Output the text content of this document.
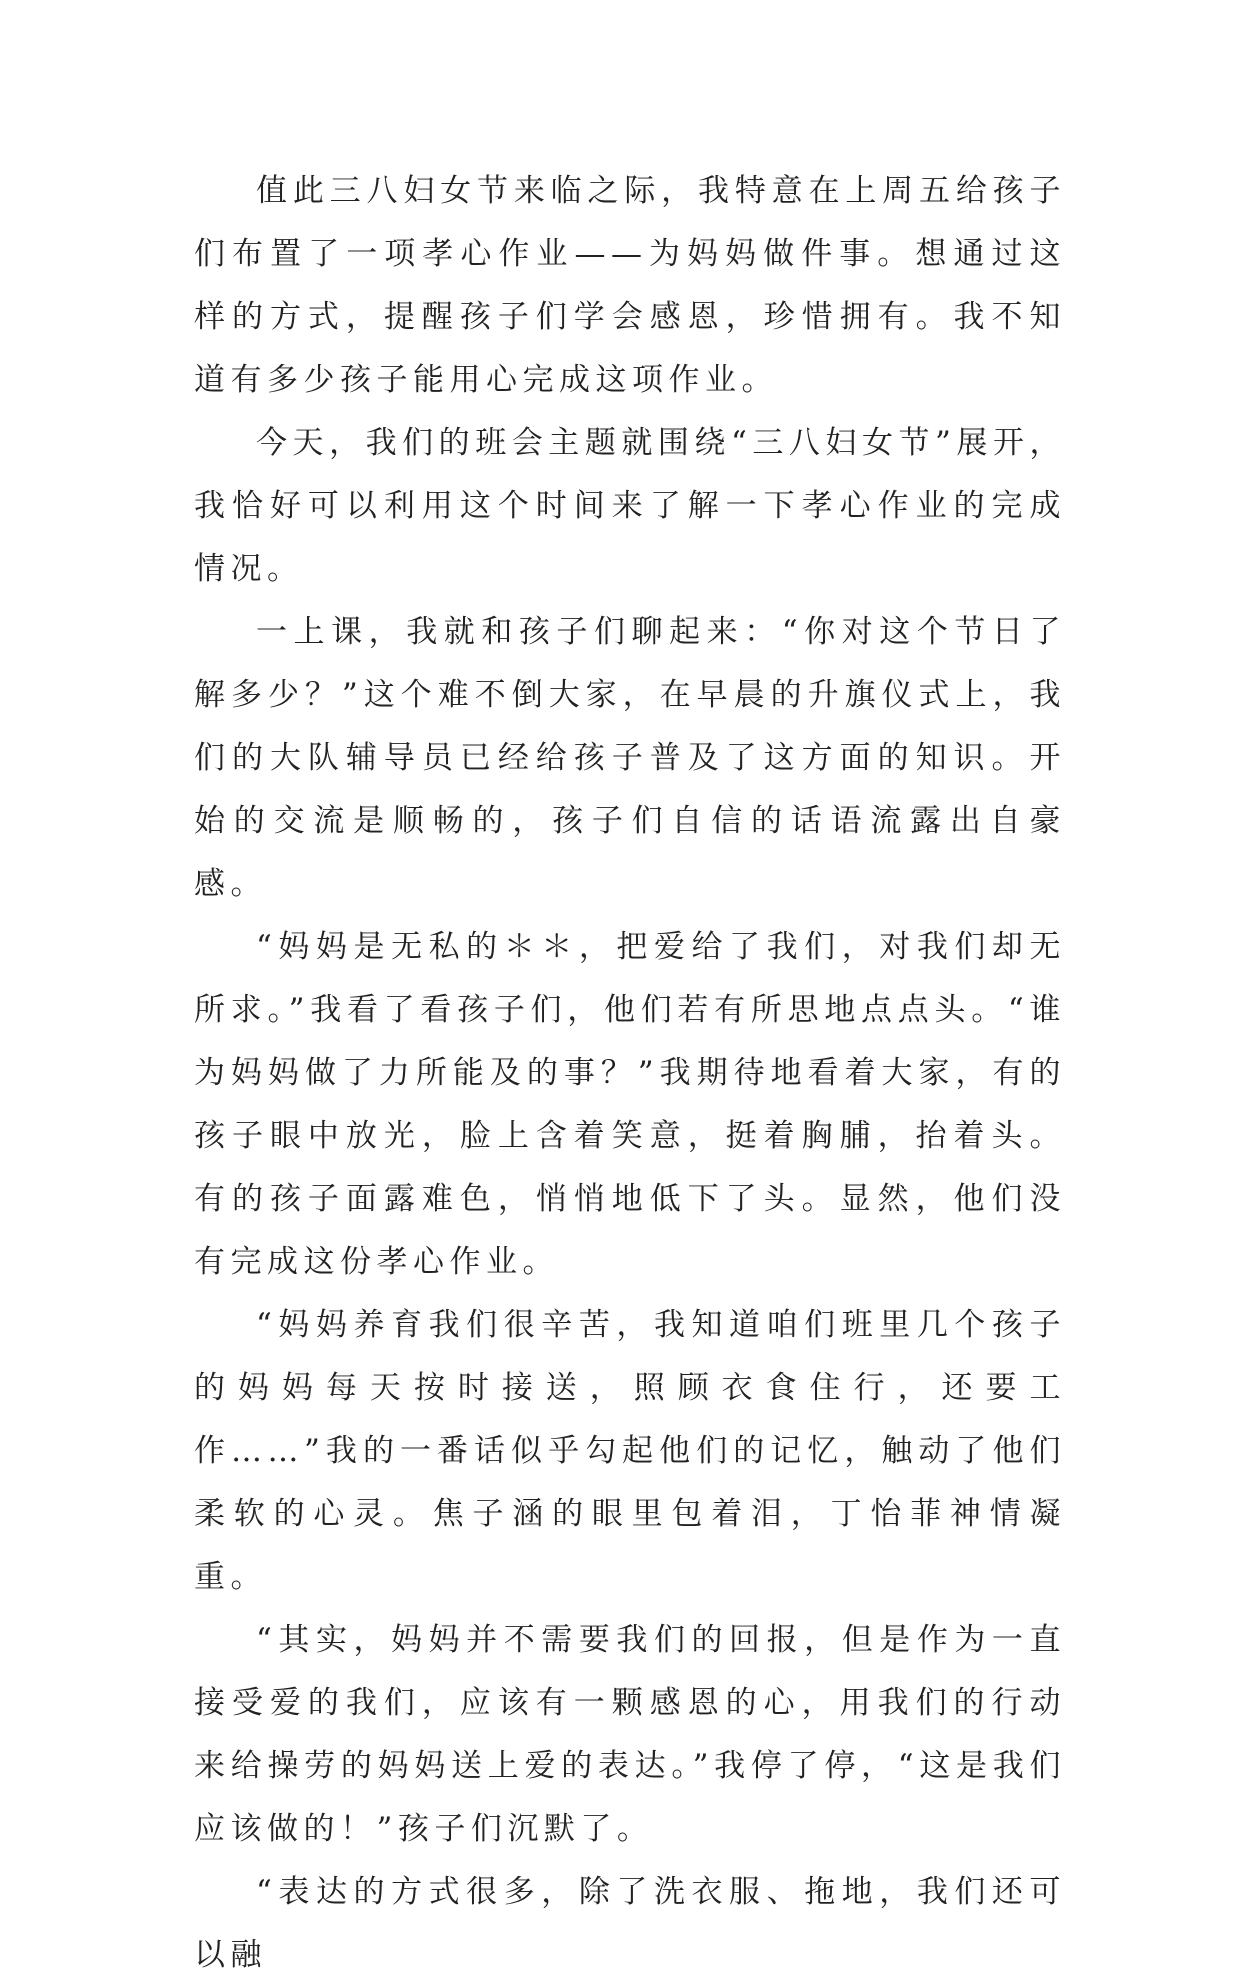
值此三八妇女节来临之际，我特意在上周五给孩子们布置了一项孝心作业——为妈妈做件事。想通过这样的方式，提醒孩子们学会感恩，珍惜拥有。我不知道有多少孩子能用心完成这项作业。

今天，我们的班会主题就围绕“三八妇女节”展开，我恰好可以利用这个时间来了解一下孝心作业的完成情况。

一上课，我就和孩子们聊起来：“你对这个节日了解多少？”这个难不倒大家，在早晨的升旗仪式上，我们的大队辅导员已经给孩子普及了这方面的知识。开始的交流是顺畅的，孩子们自信的话语流露出自豪感。

“妈妈是无私的＊＊，把爱给了我们，对我们却无所求。”我看了看孩子们，他们若有所思地点点头。“谁为妈妈做了力所能及的事？”我期待地看着大家，有的孩子眼中放光，脸上含着笑意，挺着胸脯，抬着头。有的孩子面露难色，悄悄地低下了头。显然，他们没有完成这份孝心作业。

“妈妈养育我们很辛苦，我知道咱们班里几个孩子的妈妈每天按时接送，照顾衣食住行，还要工作……”我的一番话似乎勾起他们的记忆，触动了他们柔软的心灵。焦子涵的眼里包着泪，丁怡菲神情凝重。

“其实，妈妈并不需要我们的回报，但是作为一直接受爱的我们，应该有一颗感恩的心，用我们的行动来给操劳的妈妈送上爱的表达。”我停了停，“这是我们应该做的！”孩子们沉默了。

“表达的方式很多，除了洗衣服、拖地，我们还可以融
